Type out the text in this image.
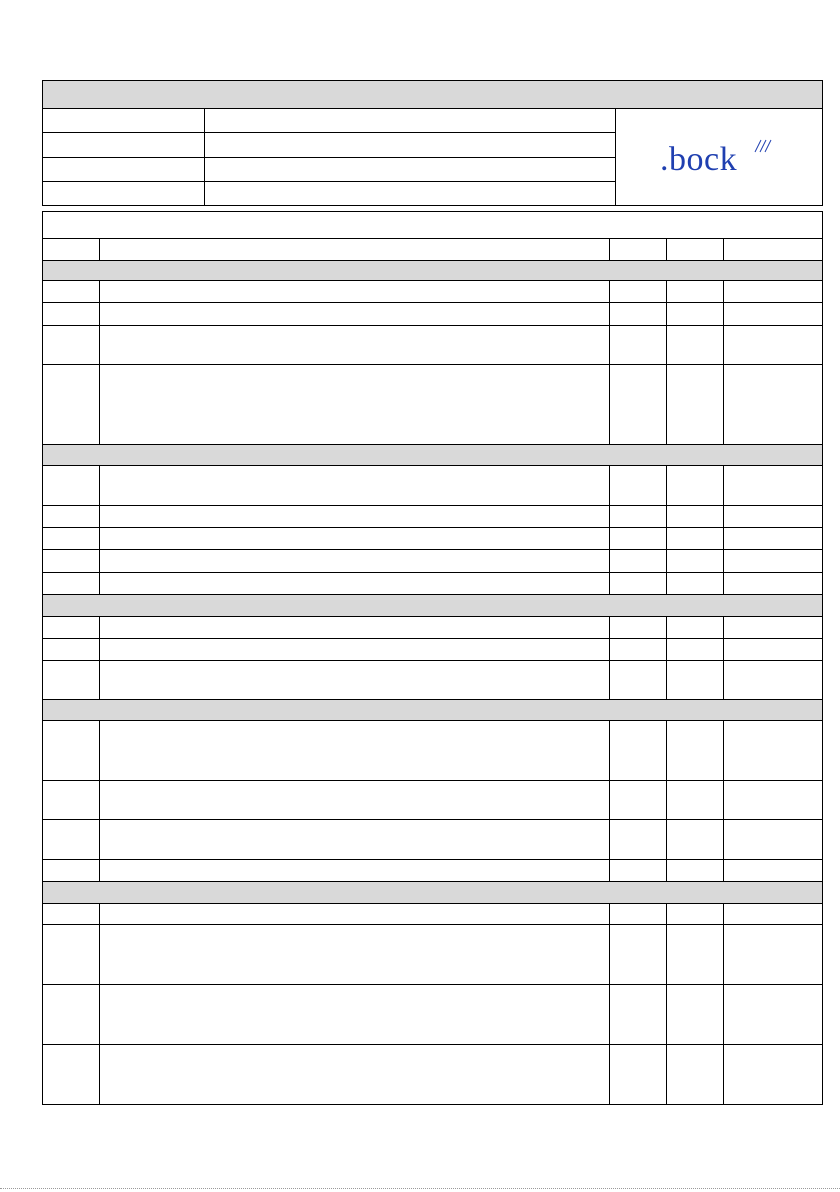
.bock
